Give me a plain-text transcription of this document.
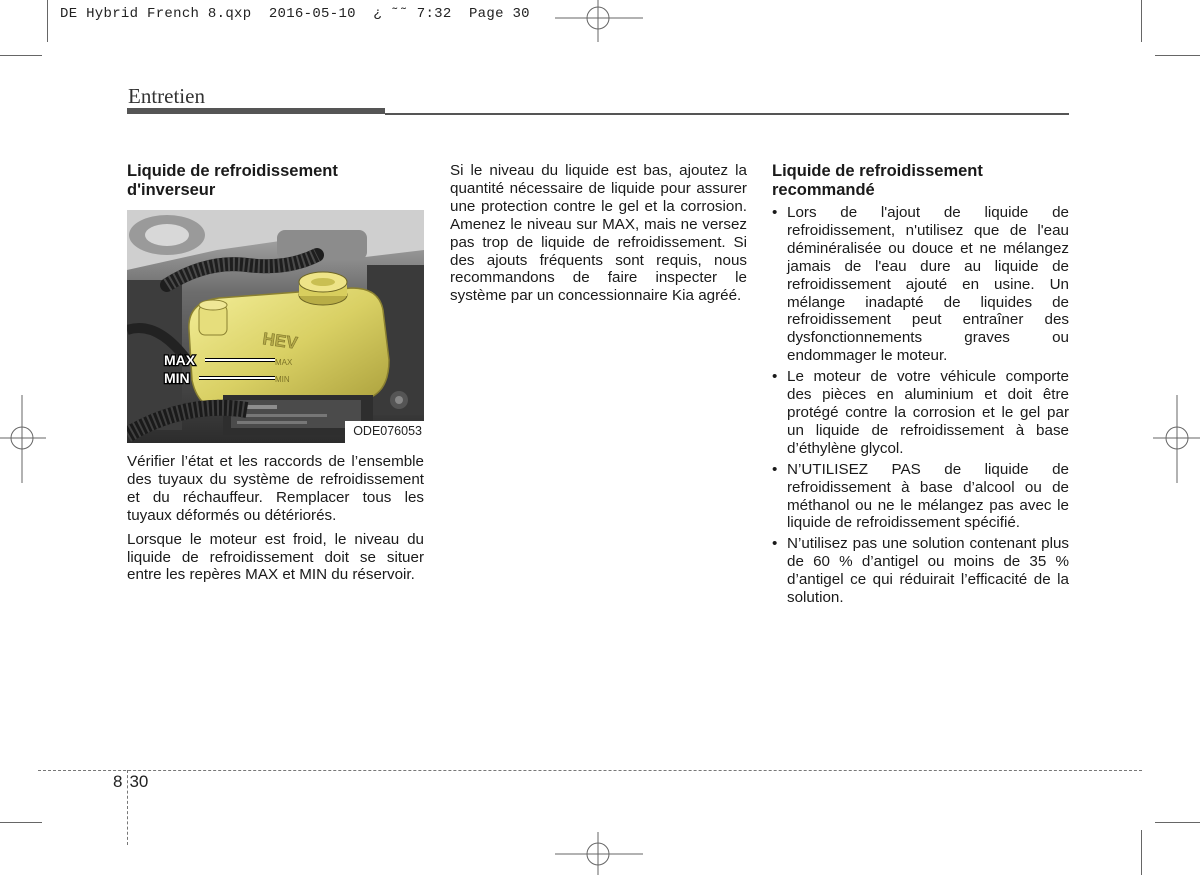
DE Hybrid French 8.qxp  2016-05-10  ¿ ˜˜ 7:32  Page 30
Entretien
Liquide de refroidissement d'inverseur
HEV
MAX
MIN
MAX
MIN
ODE076053

Vérifier l’état et les raccords de l’ensemble des tuyaux du système de refroidissement et du réchauffeur. Remplacer tous les tuyaux déformés ou détériorés.

Lorsque le moteur est froid, le niveau du liquide de refroidissement doit se situer entre les repères MAX et MIN du réservoir.

Si le niveau du liquide est bas, ajoutez la quantité nécessaire de liquide pour assurer une protection contre le gel et la corrosion. Amenez le niveau sur MAX, mais ne versez pas trop de liquide de refroidissement. Si des ajouts fréquents sont requis, nous recommandons de faire inspecter le système par un concessionnaire Kia agréé.

Liquide de refroidissement recommandé
• Lors de l'ajout de liquide de refroidissement, n'utilisez que de l'eau déminéralisée ou douce et ne mélangez jamais de l'eau dure au liquide de refroidissement ajouté en usine. Un mélange inadapté de liquides de refroidissement peut entraîner des dysfonctionnements graves ou endommager le moteur.
• Le moteur de votre véhicule comporte des pièces en aluminium et doit être protégé contre la corrosion et le gel par un liquide de refroidissement à base d’éthylène glycol.
• N’UTILISEZ PAS de liquide de refroidissement à base d’alcool ou de méthanol ou ne le mélangez pas avec le liquide de refroidissement spécifié.
• N’utilisez pas une solution contenant plus de 60 % d’antigel ou moins de 35 % d’antigel ce qui réduirait l’efficacité de la solution.
8 30
